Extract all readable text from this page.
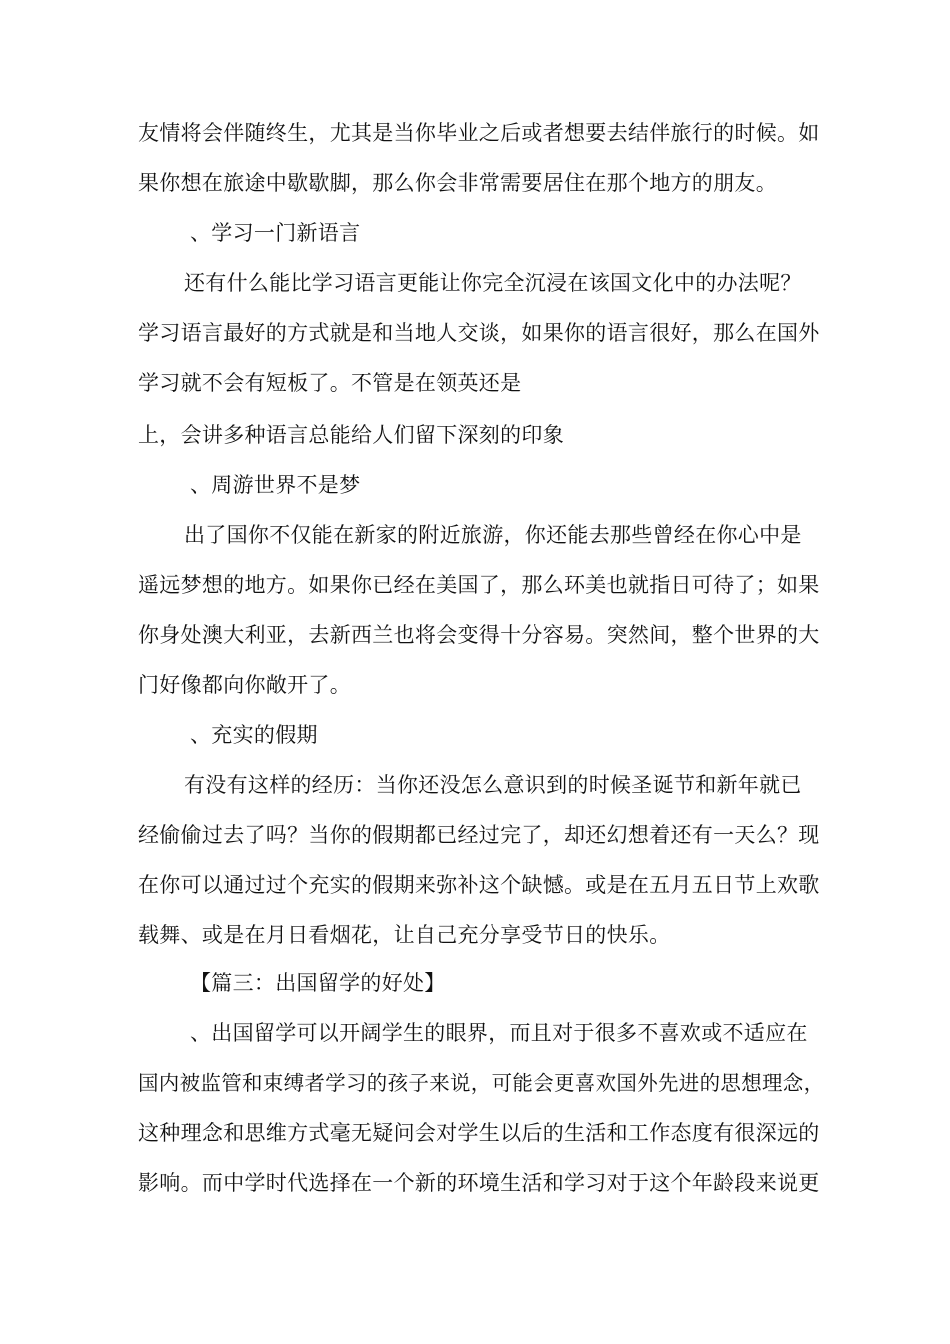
友情将会伴随终生，尤其是当你毕业之后或者想要去结伴旅行的时候。如
果你想在旅途中歇歇脚，那么你会非常需要居住在那个地方的朋友。
、学习一门新语言
还有什么能比学习语言更能让你完全沉浸在该国文化中的办法呢？
学习语言最好的方式就是和当地人交谈，如果你的语言很好，那么在国外
学习就不会有短板了。不管是在领英还是
上，会讲多种语言总能给人们留下深刻的印象
、周游世界不是梦
出了国你不仅能在新家的附近旅游，你还能去那些曾经在你心中是
遥远梦想的地方。如果你已经在美国了，那么环美也就指日可待了；如果
你身处澳大利亚，去新西兰也将会变得十分容易。突然间，整个世界的大
门好像都向你敞开了。
、充实的假期
有没有这样的经历：当你还没怎么意识到的时候圣诞节和新年就已
经偷偷过去了吗？当你的假期都已经过完了，却还幻想着还有一天么？现
在你可以通过过个充实的假期来弥补这个缺憾。或是在五月五日节上欢歌
载舞、或是在月日看烟花，让自己充分享受节日的快乐。
【篇三：出国留学的好处】
、出国留学可以开阔学生的眼界，而且对于很多不喜欢或不适应在
国内被监管和束缚者学习的孩子来说，可能会更喜欢国外先进的思想理念，
这种理念和思维方式毫无疑问会对学生以后的生活和工作态度有很深远的
影响。而中学时代选择在一个新的环境生活和学习对于这个年龄段来说更
